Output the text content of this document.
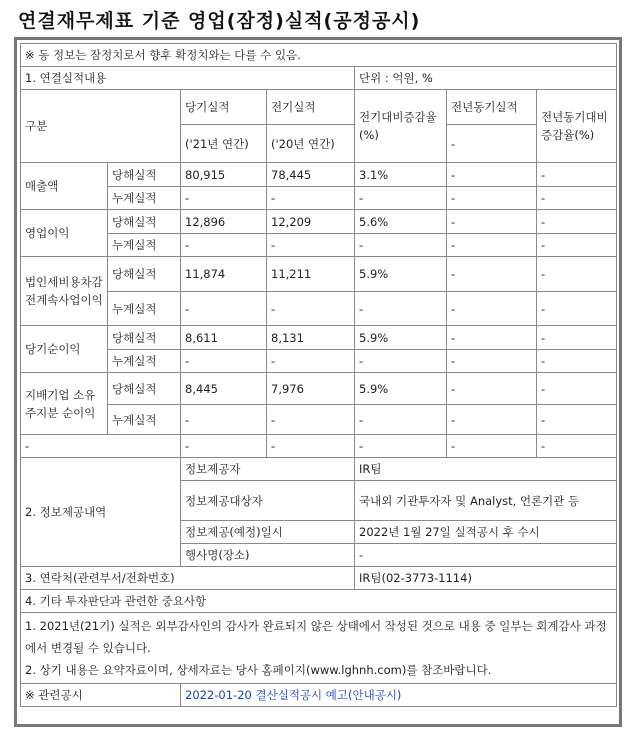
연결재무제표 기준 영업(잠정)실적(공정공시)
※ 동 정보는 잠정치로서 향후 확정치와는 다를 수 있음.						
1. 연결실적내용				단위 : 억원, %		
구분		당기실적	전기실적	전기대비증감율(%)	전년동기실적	전년동기대비증감율(%)
		('21년 연간)	('20년 연간)		-	
매출액	당해실적	80,915	78,445	3.1%	-	-
	누계실적	-	-	-	-	-
영업이익	당해실적	12,896	12,209	5.6%	-	-
	누계실적	-	-	-	-	-
법인세비용차감전계속사업이익	당해실적	11,874	11,211	5.9%	-	-
	누계실적	-	-	-	-	-
당기순이익	당해실적	8,611	8,131	5.9%	-	-
	누계실적	-	-	-	-	-
지배기업 소유주지분 순이익	당해실적	8,445	7,976	5.9%	-	-
	누계실적	-	-	-	-	-
-		-	-	-	-	-
2. 정보제공내역		정보제공자		IR팀		
		정보제공대상자		국내외 기관투자자 및 Analyst, 언론기관 등		
		정보제공(예정)일시		2022년 1월 27일 실적공시 후 수시		
		행사명(장소)		-		
3. 연락처(관련부서/전화번호)				IR팀(02-3773-1114)		
4. 기타 투자판단과 관련한 중요사항						

1. 2021년(21기) 실적은 외부감사인의 감사가 완료되지 않은 상태에서 작성된 것으로 내용 중 일부는 회계감사 과정에서 변경될 수 있습니다.
2. 상기 내용은 요약자료이며, 상세자료는 당사 홈페이지(www.lghnh.com)를 참조바랍니다.						

※ 관련공시		2022-01-20 결산실적공시 예고(안내공시)				
